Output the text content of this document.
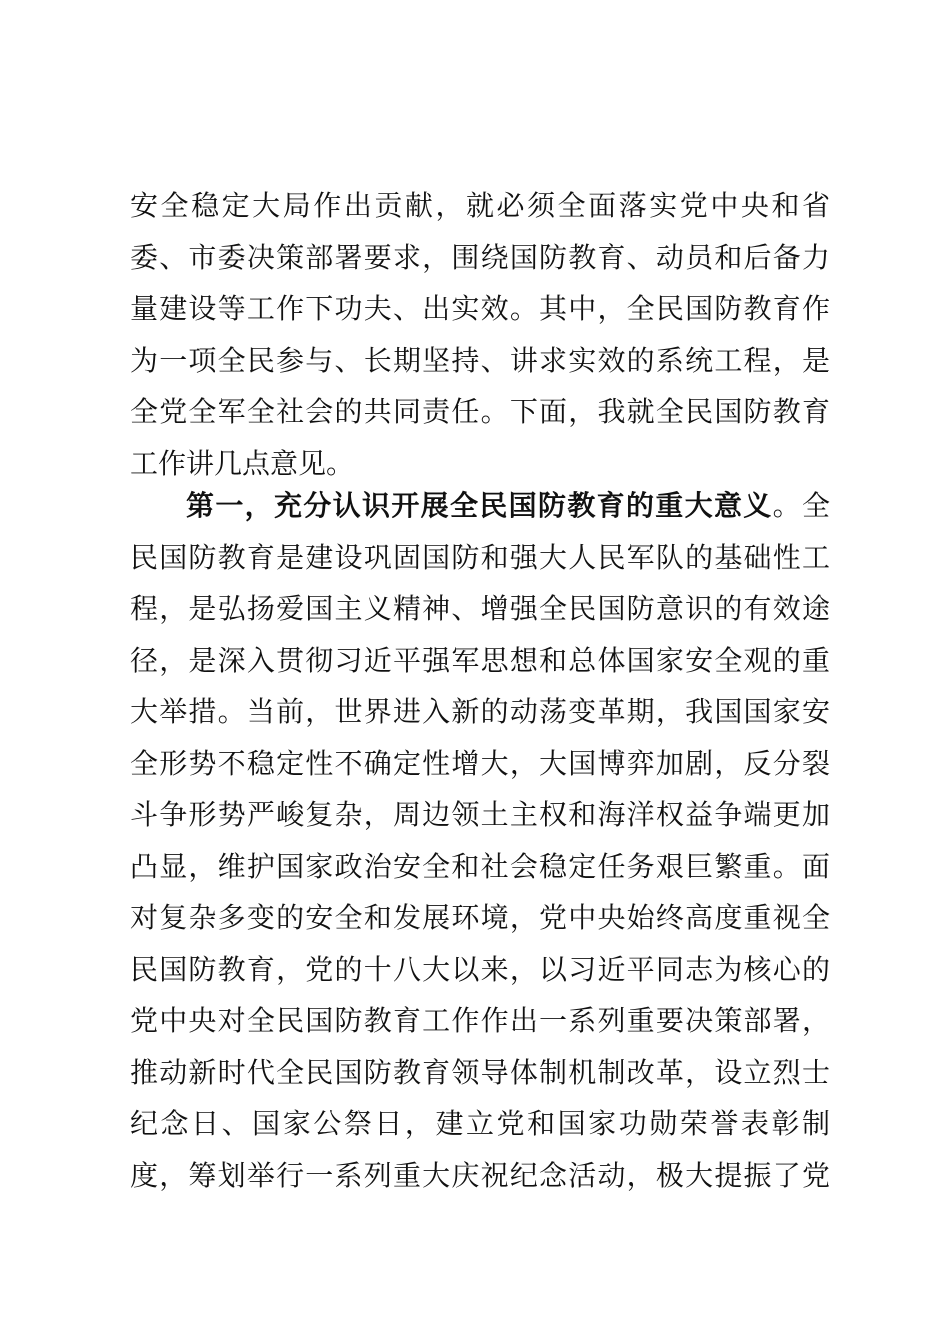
安全稳定大局作出贡献，就必须全面落实党中央和省
委、市委决策部署要求，围绕国防教育、动员和后备力
量建设等工作下功夫、出实效。其中，全民国防教育作
为一项全民参与、长期坚持、讲求实效的系统工程，是
全党全军全社会的共同责任。下面，我就全民国防教育
工作讲几点意见。
第一，充分认识开展全民国防教育的重大意义。全
民国防教育是建设巩固国防和强大人民军队的基础性工
程，是弘扬爱国主义精神、增强全民国防意识的有效途
径，是深入贯彻习近平强军思想和总体国家安全观的重
大举措。当前，世界进入新的动荡变革期，我国国家安
全形势不稳定性不确定性增大，大国博弈加剧，反分裂
斗争形势严峻复杂，周边领土主权和海洋权益争端更加
凸显，维护国家政治安全和社会稳定任务艰巨繁重。面
对复杂多变的安全和发展环境，党中央始终高度重视全
民国防教育，党的十八大以来，以习近平同志为核心的
党中央对全民国防教育工作作出一系列重要决策部署，
推动新时代全民国防教育领导体制机制改革，设立烈士
纪念日、国家公祭日，建立党和国家功勋荣誉表彰制
度，筹划举行一系列重大庆祝纪念活动，极大提振了党
